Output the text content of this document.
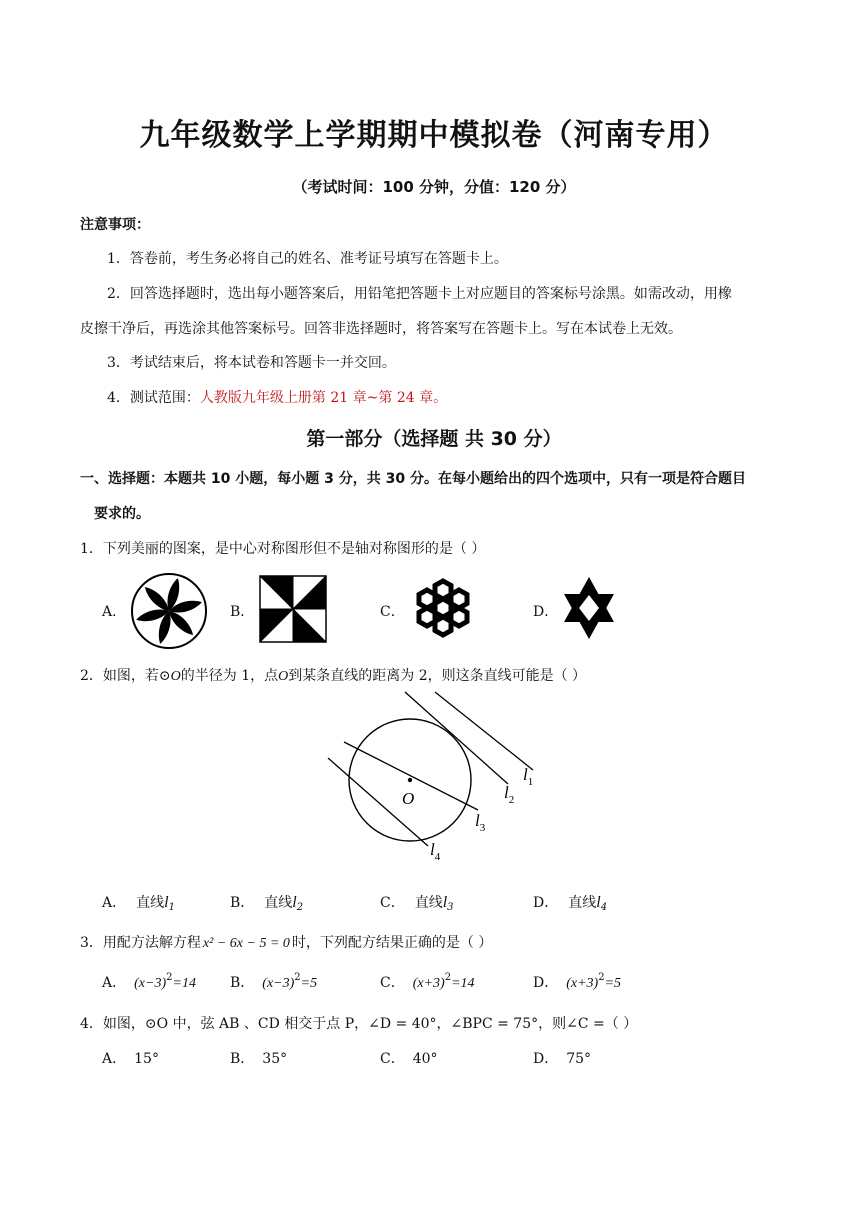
九年级数学上学期期中模拟卷（河南专用）
（考试时间：100 分钟，分值：120 分）
注意事项：
1．答卷前，考生务必将自己的姓名、准考证号填写在答题卡上。
2．回答选择题时，选出每小题答案后，用铅笔把答题卡上对应题目的答案标号涂黑。如需改动，用橡
皮擦干净后，再选涂其他答案标号。回答非选择题时，将答案写在答题卡上。写在本试卷上无效。
3．考试结束后，将本试卷和答题卡一并交回。
4．测试范围：人教版九年级上册第 21 章~第 24 章。
第一部分（选择题 共 30 分）
一、选择题：本题共 10 小题，每小题 3 分，共 30 分。在每小题给出的四个选项中，只有一项是符合题目
要求的。
1．下列美丽的图案，是中心对称图形但不是轴对称图形的是（ ）
A．	B．	C．	D．
2．如图，若⊙O的半径为 1，点O到某条直线的距离为 2，则这条直线可能是（ ）
O
$l_1$
$l_2$
$l_3$
$l_4$
A． 直线$l_1$	B． 直线$l_2$	C． 直线$l_3$	D． 直线$l_4$
3．用配方法解方程 x² − 6x − 5 = 0 时，下列配方结果正确的是（ ）
A． $(x-3)^2=14$ B． $(x-3)^2=5$	C． $(x+3)^2=14$	D． $(x+3)^2=5$
4．如图，⊙O 中，弦 AB 、CD 相交于点 P，∠D = 40°，∠BPC = 75°，则∠C =（ ）
A． 15°	B． 35°	C． 40°	D． 75°
